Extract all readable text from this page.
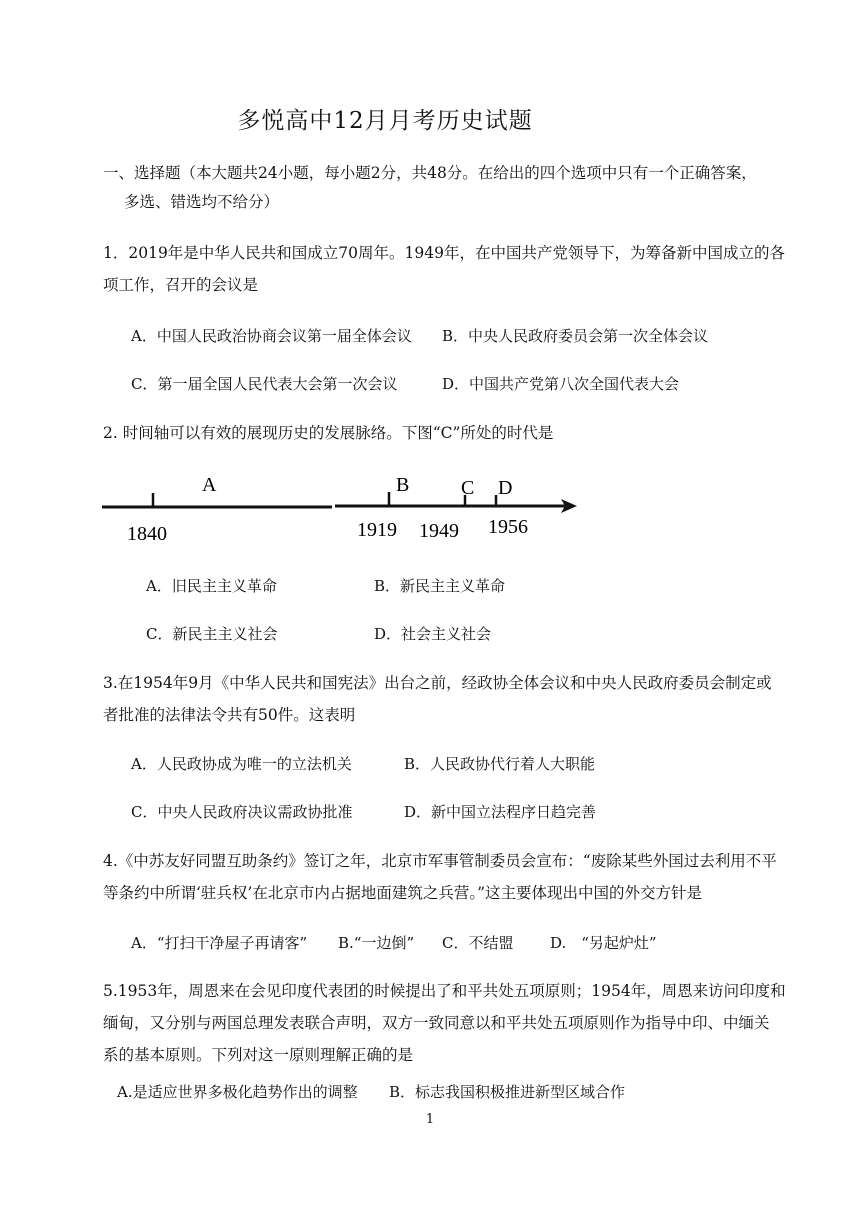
多悦高中12月月考历史试题
一、选择题（本大题共24小题，每小题2分，共48分。在给出的四个选项中只有一个正确答案，
多选、错选均不给分）
1．2019年是中华人民共和国成立70周年。1949年，在中国共产党领导下，为筹备新中国成立的各
项工作，召开的会议是
A．中国人民政治协商会议第一届全体会议 B．中央人民政府委员会第一次全体会议
C．第一届全国人民代表大会第一次会议	D．中国共产党第八次全国代表大会
2. 时间轴可以有效的展现历史的发展脉络。下图“C”所处的时代是
A	B	C D
1840	1919 1949 1956
A．旧民主主义革命	B．新民主主义革命
C．新民主主义社会	D．社会主义社会
3.在1954年9月《中华人民共和国宪法》出台之前，经政协全体会议和中央人民政府委员会制定或
者批准的法律法令共有50件。这表明
A．人民政协成为唯一的立法机关	B．人民政协代行着人大职能
C．中央人民政府决议需政协批准	D．新中国立法程序日趋完善
4.《中苏友好同盟互助条约》签订之年，北京市军事管制委员会宣布：“废除某些外国过去利用不平
等条约中所谓‘驻兵权’在北京市内占据地面建筑之兵营。”这主要体现出中国的外交方针是
A．“打扫干净屋子再请客” B.“一边倒” C．不结盟 D.　“另起炉灶”
5.1953年，周恩来在会见印度代表团的时候提出了和平共处五项原则；1954年，周恩来访问印度和
缅甸，又分别与两国总理发表联合声明，双方一致同意以和平共处五项原则作为指导中印、中缅关
系的基本原则。下列对这一原则理解正确的是
A.是适应世界多极化趋势作出的调整 B．标志我国积极推进新型区域合作
1
